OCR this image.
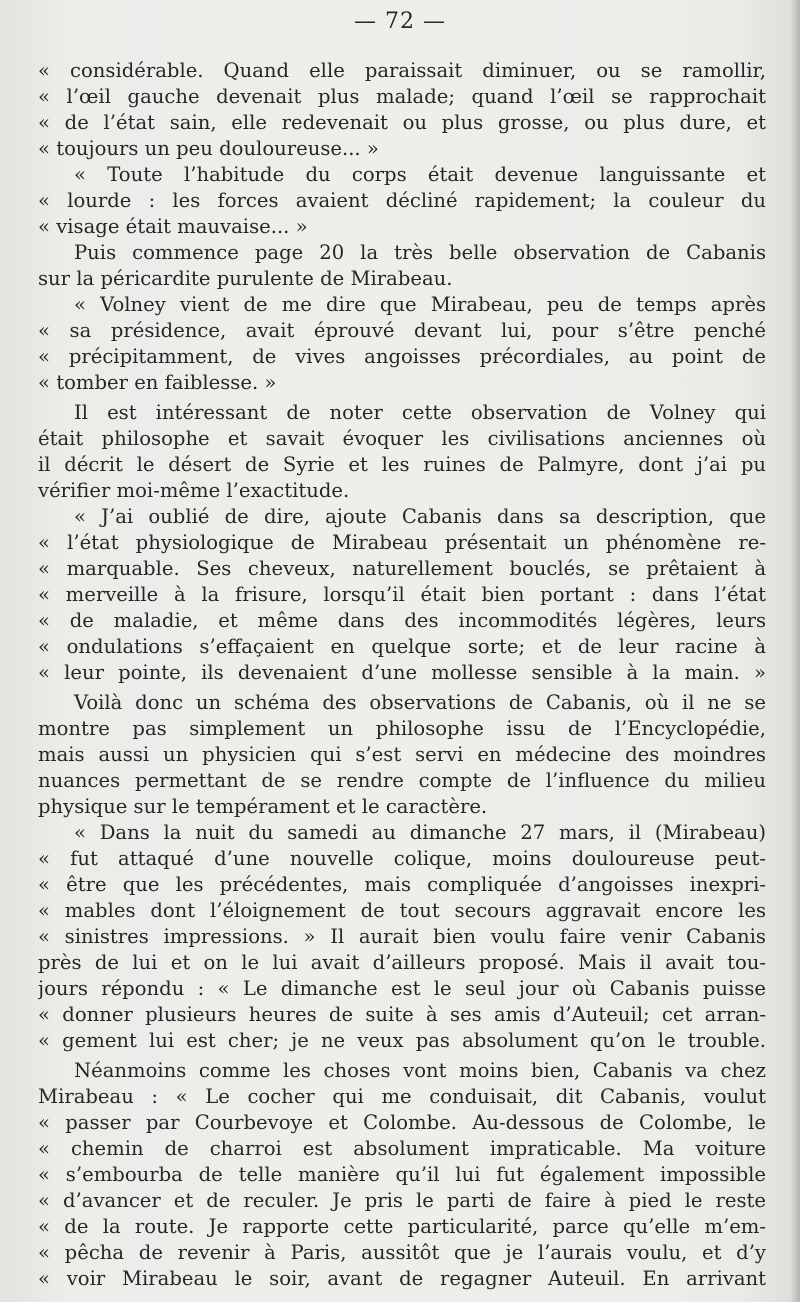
— 72 —
« considérable. Quand elle paraissait diminuer, ou se ramollir,
« l’œil gauche devenait plus malade; quand l’œil se rapprochait
« de l’état sain, elle redevenait ou plus grosse, ou plus dure, et
« toujours un peu douloureuse... »
« Toute l’habitude du corps était devenue languissante et
« lourde : les forces avaient décliné rapidement; la couleur du
« visage était mauvaise... »
Puis commence page 20 la très belle observation de Cabanis
sur la péricardite purulente de Mirabeau.
« Volney vient de me dire que Mirabeau, peu de temps après
« sa présidence, avait éprouvé devant lui, pour s’être penché
« précipitamment, de vives angoisses précordiales, au point de
« tomber en faiblesse. »
Il est intéressant de noter cette observation de Volney qui
était philosophe et savait évoquer les civilisations anciennes où
il décrit le désert de Syrie et les ruines de Palmyre, dont j’ai pu
vérifier moi-même l’exactitude.
« J’ai oublié de dire, ajoute Cabanis dans sa description, que
« l’état physiologique de Mirabeau présentait un phénomène re-
« marquable. Ses cheveux, naturellement bouclés, se prêtaient à
« merveille à la frisure, lorsqu’il était bien portant : dans l’état
« de maladie, et même dans des incommodités légères, leurs
« ondulations s’effaçaient en quelque sorte; et de leur racine à
« leur pointe, ils devenaient d’une mollesse sensible à la main. »
Voilà donc un schéma des observations de Cabanis, où il ne se
montre pas simplement un philosophe issu de l’Encyclopédie,
mais aussi un physicien qui s’est servi en médecine des moindres
nuances permettant de se rendre compte de l’influence du milieu
physique sur le tempérament et le caractère.
« Dans la nuit du samedi au dimanche 27 mars, il (Mirabeau)
« fut attaqué d’une nouvelle colique, moins douloureuse peut-
« être que les précédentes, mais compliquée d’angoisses inexpri-
« mables dont l’éloignement de tout secours aggravait encore les
« sinistres impressions. » Il aurait bien voulu faire venir Cabanis
près de lui et on le lui avait d’ailleurs proposé. Mais il avait tou-
jours répondu : « Le dimanche est le seul jour où Cabanis puisse
« donner plusieurs heures de suite à ses amis d’Auteuil; cet arran-
« gement lui est cher; je ne veux pas absolument qu’on le trouble.
Néanmoins comme les choses vont moins bien, Cabanis va chez
Mirabeau : « Le cocher qui me conduisait, dit Cabanis, voulut
« passer par Courbevoye et Colombe. Au-dessous de Colombe, le
« chemin de charroi est absolument impraticable. Ma voiture
« s’embourba de telle manière qu’il lui fut également impossible
« d’avancer et de reculer. Je pris le parti de faire à pied le reste
« de la route. Je rapporte cette particularité, parce qu’elle m’em-
« pêcha de revenir à Paris, aussitôt que je l’aurais voulu, et d’y
« voir Mirabeau le soir, avant de regagner Auteuil. En arrivant
